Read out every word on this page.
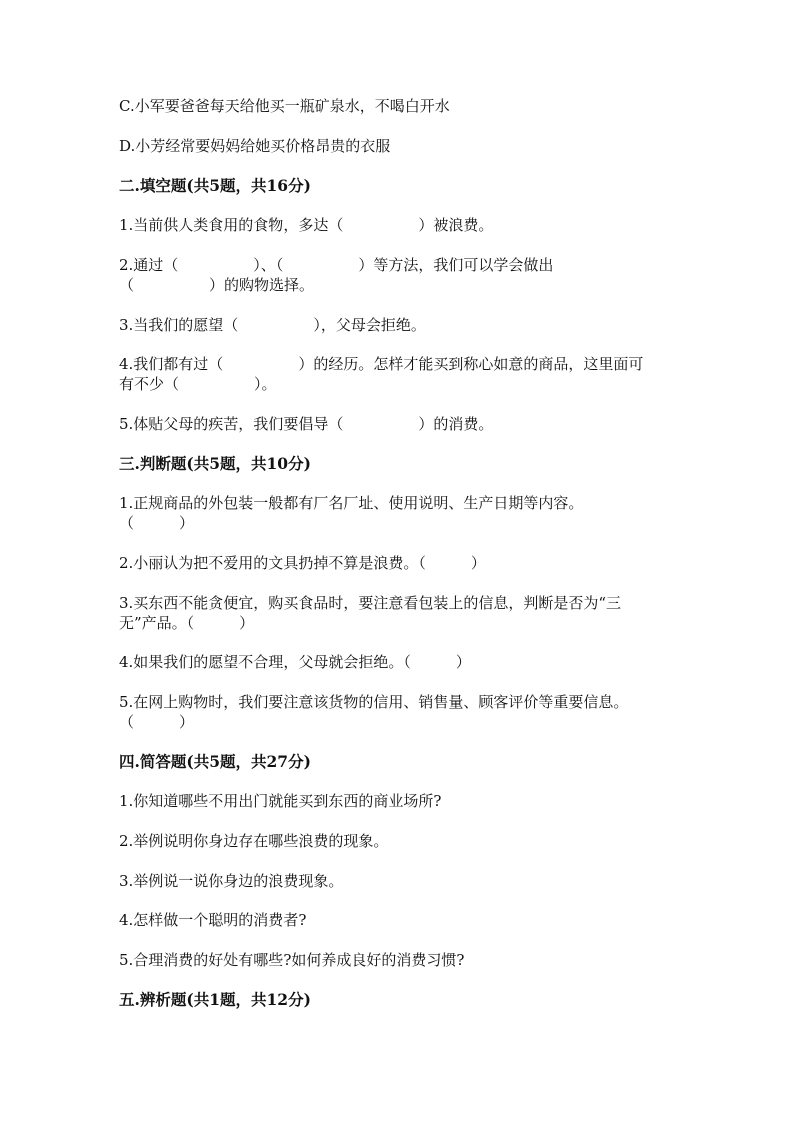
C.小军要爸爸每天给他买一瓶矿泉水，不喝白开水
D.小芳经常要妈妈给她买价格昂贵的衣服
二.填空题(共5题，共16分)
1.当前供人类食用的食物，多达（　　　　　）被浪费。
2.通过（　　　　　）、（　　　　　）等方法，我们可以学会做出
（　　　　　）的购物选择。
3.当我们的愿望（　　　　　），父母会拒绝。
4.我们都有过（　　　　　）的经历。怎样才能买到称心如意的商品，这里面可
有不少（　　　　　）。
5.体贴父母的疾苦，我们要倡导（　　　　　）的消费。
三.判断题(共5题，共10分)
1.正规商品的外包装一般都有厂名厂址、使用说明、生产日期等内容。
（　　　）
2.小丽认为把不爱用的文具扔掉不算是浪费。（　　　）
3.买东西不能贪便宜，购买食品时，要注意看包装上的信息，判断是否为“三
无”产品。（　　　）
4.如果我们的愿望不合理，父母就会拒绝。（　　　）
5.在网上购物时，我们要注意该货物的信用、销售量、顾客评价等重要信息。
（　　　）
四.简答题(共5题，共27分)
1.你知道哪些不用出门就能买到东西的商业场所?
2.举例说明你身边存在哪些浪费的现象。
3.举例说一说你身边的浪费现象。
4.怎样做一个聪明的消费者?
5.合理消费的好处有哪些?如何养成良好的消费习惯?
五.辨析题(共1题，共12分)
